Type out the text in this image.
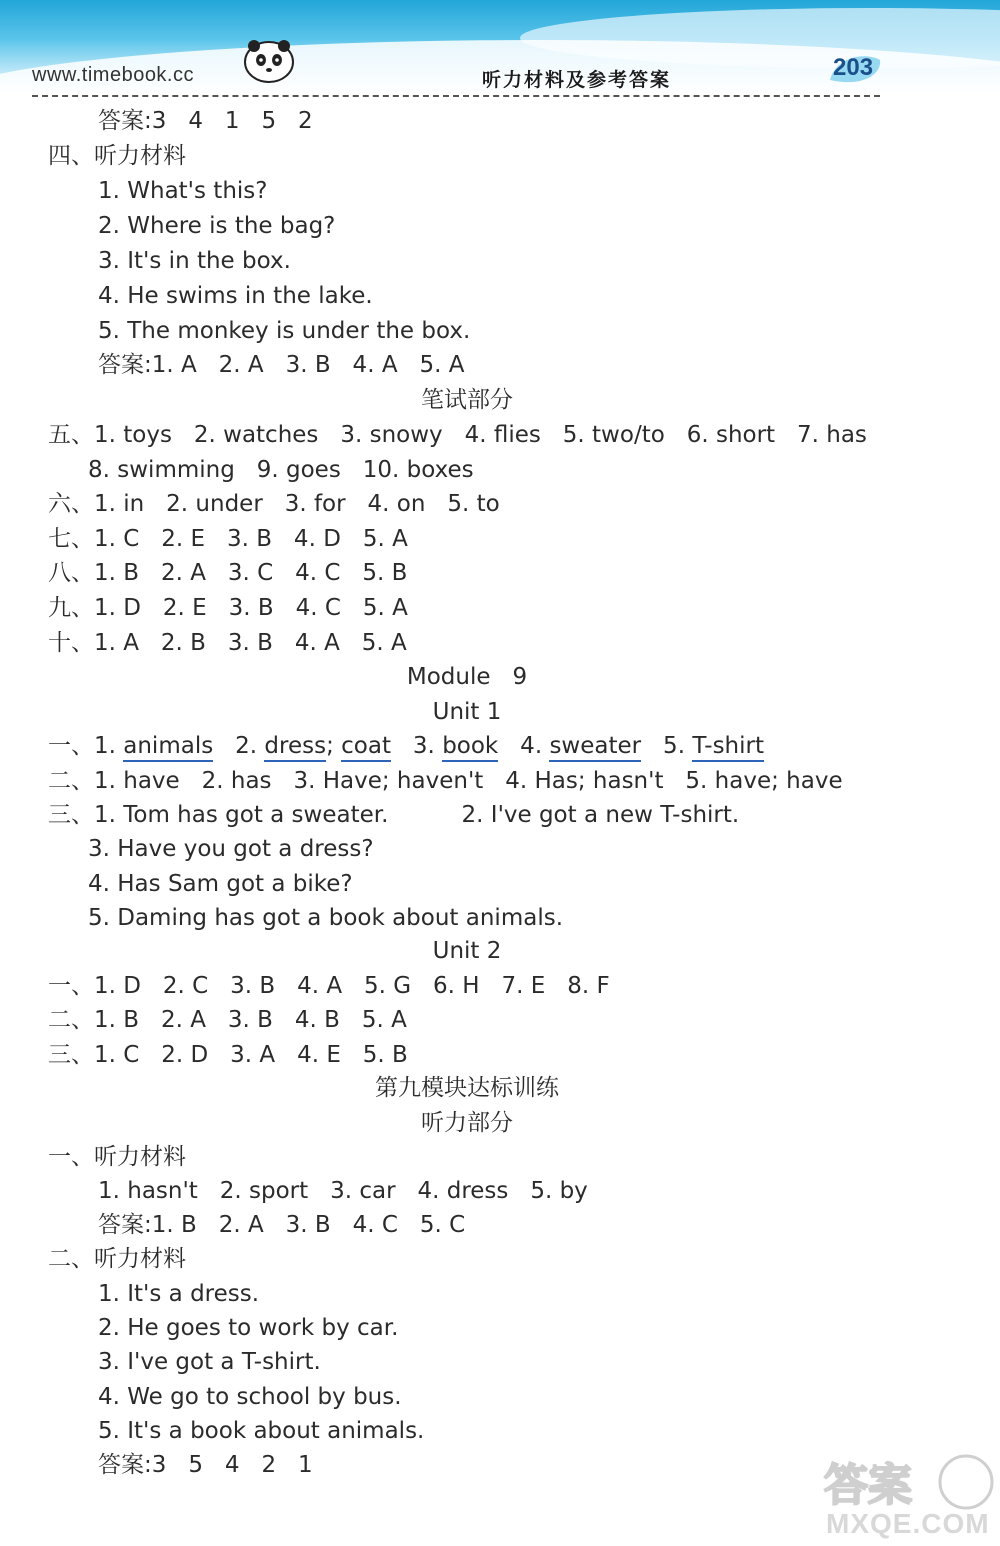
www.timebook.cc	听力材料及参考答案	203
答案:3   4   1   5   2
四、听力材料
1. What's this?
2. Where is the bag?
3. It's in the box.
4. He swims in the lake.
5. The monkey is under the box.
答案:1. A   2. A   3. B   4. A   5. A
五、1. toys   2. watches   3. snowy   4. flies   5. two/to   6. short   7. has
8. swimming   9. goes   10. boxes
六、1. in   2. under   3. for   4. on   5. to
七、1. C   2. E   3. B   4. D   5. A
八、1. B   2. A   3. C   4. C   5. B
九、1. D   2. E   3. B   4. C   5. A
十、1. A   2. B   3. B   4. A   5. A
二、1. have   2. has   3. Have; haven't   4. Has; hasn't   5. have; have
三、1. Tom has got a sweater.          2. I've got a new T-shirt.
3. Have you got a dress?
4. Has Sam got a bike?
5. Daming has got a book about animals.
一、1. D   2. C   3. B   4. A   5. G   6. H   7. E   8. F
二、1. B   2. A   3. B   4. B   5. A
三、1. C   2. D   3. A   4. E   5. B
一、听力材料
1. hasn't   2. sport   3. car   4. dress   5. by
答案:1. B   2. A   3. B   4. C   5. C
二、听力材料
1. It's a dress.
2. He goes to work by car.
3. I've got a T-shirt.
4. We go to school by bus.
5. It's a book about animals.
答案:3   5   4   2   1
笔试部分
Module   9
Unit 1
Unit 2
第九模块达标训练
听力部分
一、1. animals   2. dress; coat   3. book   4. sweater   5. T-shirt
答案
MXQE.COM
